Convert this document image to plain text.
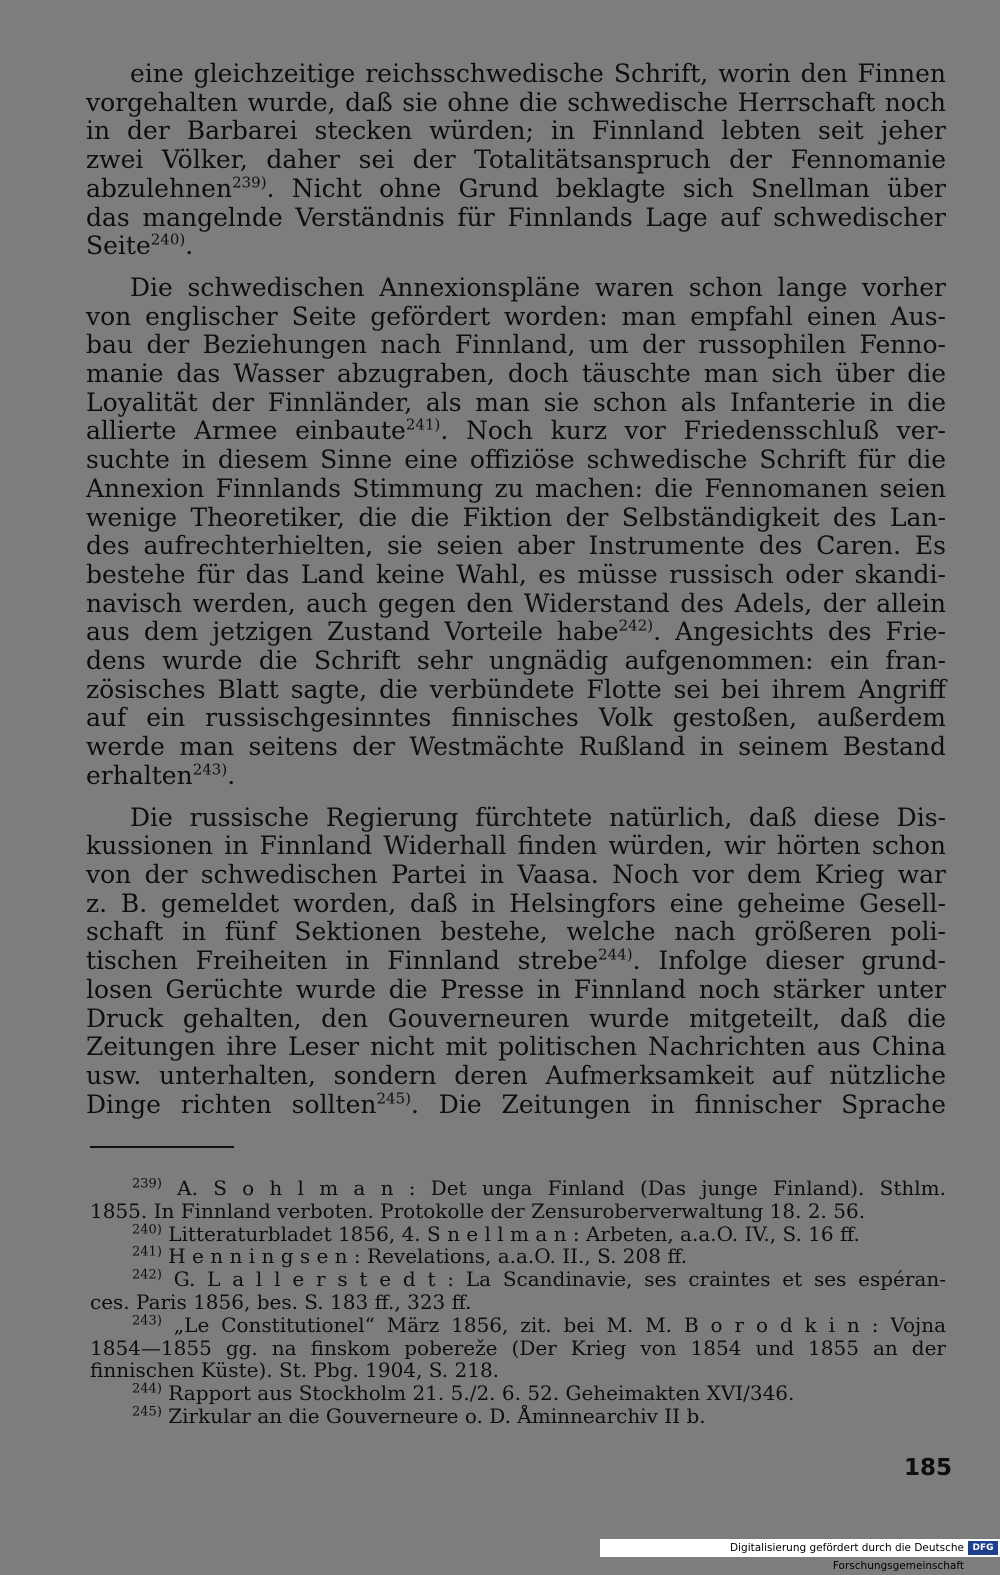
eine gleichzeitige reichsschwedische Schrift, worin den Finnen
vorgehalten wurde, daß sie ohne die schwedische Herrschaft noch
in der Barbarei stecken würden; in Finnland lebten seit jeher
zwei Völker, daher sei der Totalitätsanspruch der Fennomanie
abzulehnen$^{239)}$. Nicht ohne Grund beklagte sich Snellman über
das mangelnde Verständnis für Finnlands Lage auf schwedischer
Seite$^{240)}$.
Die schwedischen Annexionspläne waren schon lange vorher
von englischer Seite gefördert worden: man empfahl einen Aus-
bau der Beziehungen nach Finnland, um der russophilen Fenno-
manie das Wasser abzugraben, doch täuschte man sich über die
Loyalität der Finnländer, als man sie schon als Infanterie in die
allierte Armee einbaute$^{241)}$. Noch kurz vor Friedensschluß ver-
suchte in diesem Sinne eine offiziöse schwedische Schrift für die
Annexion Finnlands Stimmung zu machen: die Fennomanen seien
wenige Theoretiker, die die Fiktion der Selbständigkeit des Lan-
des aufrechterhielten, sie seien aber Instrumente des Caren. Es
bestehe für das Land keine Wahl, es müsse russisch oder skandi-
navisch werden, auch gegen den Widerstand des Adels, der allein
aus dem jetzigen Zustand Vorteile habe$^{242)}$. Angesichts des Frie-
dens wurde die Schrift sehr ungnädig aufgenommen: ein fran-
zösisches Blatt sagte, die verbündete Flotte sei bei ihrem Angriff
auf ein russischgesinntes finnisches Volk gestoßen, außerdem
werde man seitens der Westmächte Rußland in seinem Bestand
erhalten$^{243)}$.
Die russische Regierung fürchtete natürlich, daß diese Dis-
kussionen in Finnland Widerhall finden würden, wir hörten schon
von der schwedischen Partei in Vaasa. Noch vor dem Krieg war
z. B. gemeldet worden, daß in Helsingfors eine geheime Gesell-
schaft in fünf Sektionen bestehe, welche nach größeren poli-
tischen Freiheiten in Finnland strebe$^{244)}$. Infolge dieser grund-
losen Gerüchte wurde die Presse in Finnland noch stärker unter
Druck gehalten, den Gouverneuren wurde mitgeteilt, daß die
Zeitungen ihre Leser nicht mit politischen Nachrichten aus China
usw. unterhalten, sondern deren Aufmerksamkeit auf nützliche
Dinge richten sollten$^{245)}$. Die Zeitungen in finnischer Sprache
$^{239)}$ A. S o h l m a n : Det unga Finland (Das junge Finland). Sthlm.
1855. In Finnland verboten. Protokolle der Zensuroberverwaltung 18. 2. 56.
$^{240)}$ Litteraturbladet 1856, 4. S n e l l m a n : Arbeten, a.a.O. IV., S. 16 ff.
$^{241)}$ H e n n i n g s e n : Revelations, a.a.O. II., S. 208 ff.
$^{242)}$ G. L a l l e r s t e d t : La Scandinavie, ses craintes et ses espéran-
ces. Paris 1856, bes. S. 183 ff., 323 ff.
$^{243)}$ „Le Constitutionel“ März 1856, zit. bei M. M. B o r o d k i n : Vojna
1854—1855 gg. na finskom pobereže (Der Krieg von 1854 und 1855 an der
finnischen Küste). St. Pbg. 1904, S. 218.
$^{244)}$ Rapport aus Stockholm 21. 5./2. 6. 52. Geheimakten XVI/346.
$^{245)}$ Zirkular an die Gouverneure o. D. Åminnearchiv II b.
185
Digitalisierung gefördert durch die Deutsche Forschungsgemeinschaft
DFG
